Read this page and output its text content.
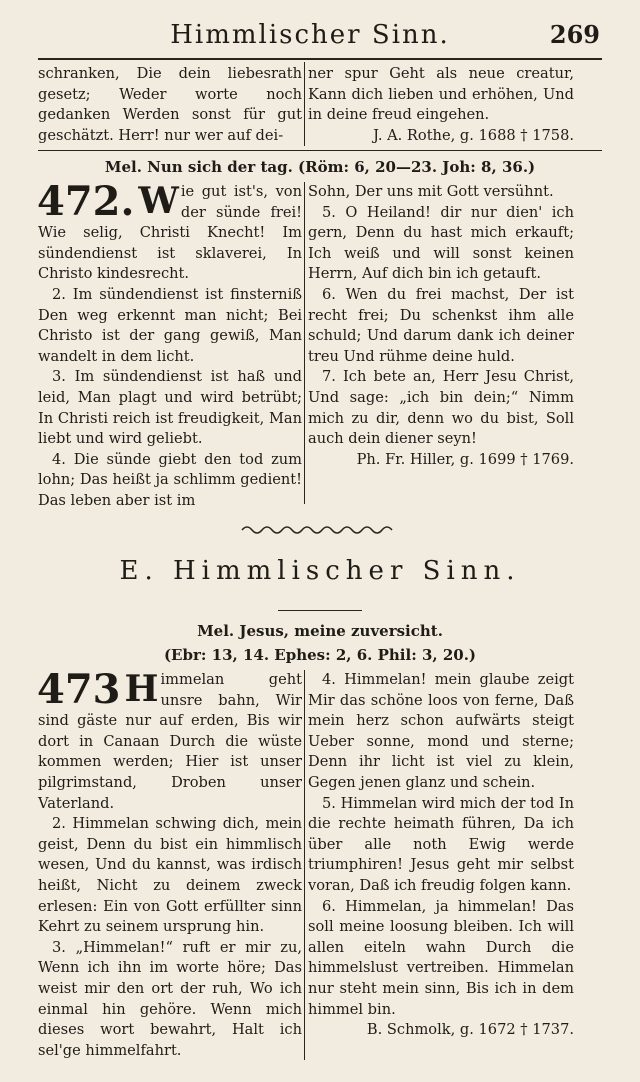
Himmlischer Sinn.	269

schranken, Die dein liebesrath gesetz; Weder worte noch gedanken Werden sonst für gut geschätzt. Herr! nur wer auf dei-

ner spur Geht als neue creatur, Kann dich lieben und erhöhen, Und in deine freud eingehen.

J. A. Rothe, g. 1688 † 1758.

Mel. Nun sich der tag. (Röm: 6, 20—23. Joh: 8, 36.)
472. W ie gut ist's, von der sünde frei! Wie selig, Christi Knecht! Im sündendienst ist sklaverei, In Christo kindesrecht.

2. Im sündendienst ist finsterniß Den weg erkennt man nicht; Bei Christo ist der gang gewiß, Man wandelt in dem licht.

3. Im sündendienst ist haß und leid, Man plagt und wird betrübt; In Christi reich ist freudigkeit, Man liebt und wird geliebt.

4. Die sünde giebt den tod zum lohn; Das heißt ja schlimm gedient! Das leben aber ist im

Sohn, Der uns mit Gott versühnt.

5. O Heiland! dir nur dien' ich gern, Denn du hast mich erkauft; Ich weiß und will sonst keinen Herrn, Auf dich bin ich getauft.

6. Wen du frei machst, Der ist recht frei; Du schenkst ihm alle schuld; Und darum dank ich deiner treu Und rühme deine huld.

7. Ich bete an, Herr Jesu Christ, Und sage: „ich bin dein;“ Nimm mich zu dir, denn wo du bist, Soll auch dein diener seyn!

Ph. Fr. Hiller, g. 1699 † 1769.

E. Himmlischer Sinn.
Mel. Jesus, meine zuversicht.
(Ebr: 13, 14. Ephes: 2, 6. Phil: 3, 20.)
473 H immelan geht unsre bahn, Wir sind gäste nur auf erden, Bis wir dort in Canaan Durch die wüste kommen werden; Hier ist unser pilgrimstand, Droben unser Vaterland.

2. Himmelan schwing dich, mein geist, Denn du bist ein himmlisch wesen, Und du kannst, was irdisch heißt, Nicht zu deinem zweck erlesen: Ein von Gott erfüllter sinn Kehrt zu seinem ursprung hin.

3. „Himmelan!“ ruft er mir zu, Wenn ich ihn im worte höre; Das weist mir den ort der ruh, Wo ich einmal hin gehöre. Wenn mich dieses wort bewahrt, Halt ich sel'ge himmelfahrt.

4. Himmelan! mein glaube zeigt Mir das schöne loos von ferne, Daß mein herz schon aufwärts steigt Ueber sonne, mond und sterne; Denn ihr licht ist viel zu klein, Gegen jenen glanz und schein.

5. Himmelan wird mich der tod In die rechte heimath führen, Da ich über alle noth Ewig werde triumphiren! Jesus geht mir selbst voran, Daß ich freudig folgen kann.

6. Himmelan, ja himmelan! Das soll meine loosung bleiben. Ich will allen eiteln wahn Durch die himmelslust vertreiben. Himmelan nur steht mein sinn, Bis ich in dem himmel bin.

B. Schmolk, g. 1672 † 1737.
